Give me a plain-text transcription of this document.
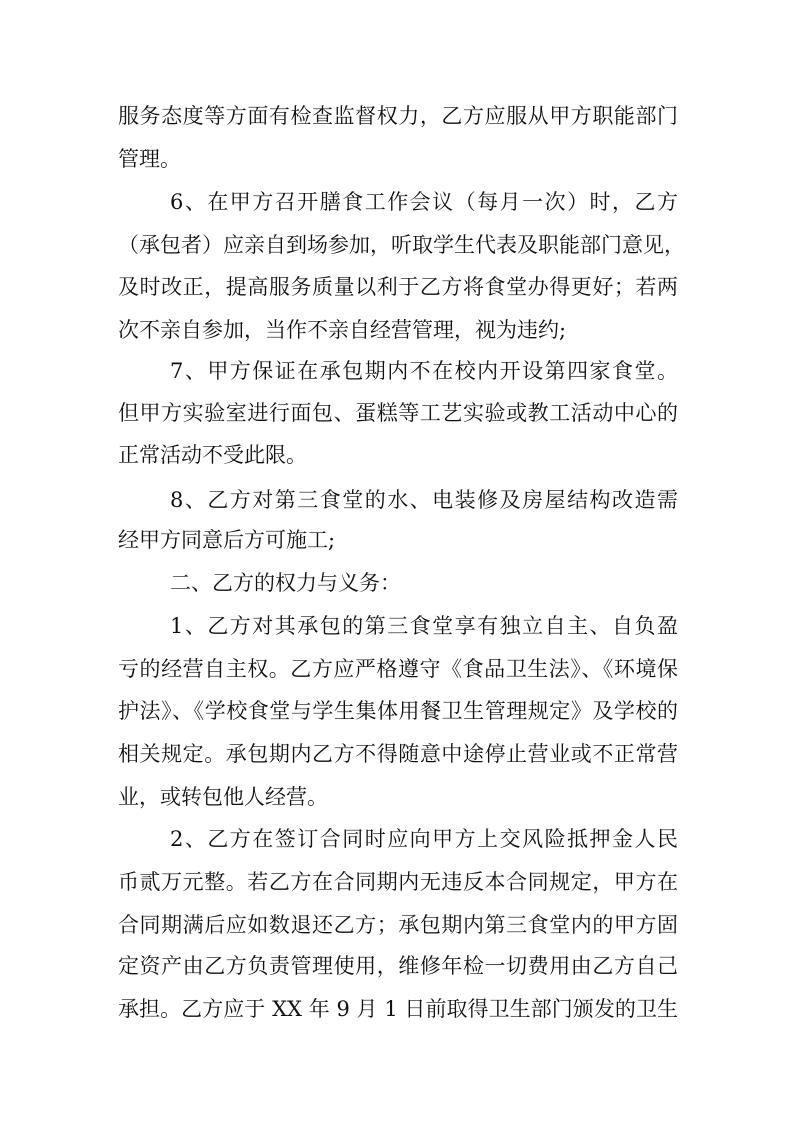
服务态度等方面有检查监督权力，乙方应服从甲方职能部门
管理。
6、在甲方召开膳食工作会议（每月一次）时，乙方
（承包者）应亲自到场参加，听取学生代表及职能部门意见，
及时改正，提高服务质量以利于乙方将食堂办得更好；若两
次不亲自参加，当作不亲自经营管理，视为违约;
7、甲方保证在承包期内不在校内开设第四家食堂。
但甲方实验室进行面包、蛋糕等工艺实验或教工活动中心的
正常活动不受此限。
8、乙方对第三食堂的水、电装修及房屋结构改造需
经甲方同意后方可施工;
二、乙方的权力与义务：
1、乙方对其承包的第三食堂享有独立自主、自负盈
亏的经营自主权。乙方应严格遵守《食品卫生法》、《环境保
护法》、《学校食堂与学生集体用餐卫生管理规定》及学校的
相关规定。承包期内乙方不得随意中途停止营业或不正常营
业，或转包他人经营。
2、乙方在签订合同时应向甲方上交风险抵押金人民
币贰万元整。若乙方在合同期内无违反本合同规定，甲方在
合同期满后应如数退还乙方；承包期内第三食堂内的甲方固
定资产由乙方负责管理使用，维修年检一切费用由乙方自己
承担。乙方应于 XX 年 9 月 1 日前取得卫生部门颁发的卫生
